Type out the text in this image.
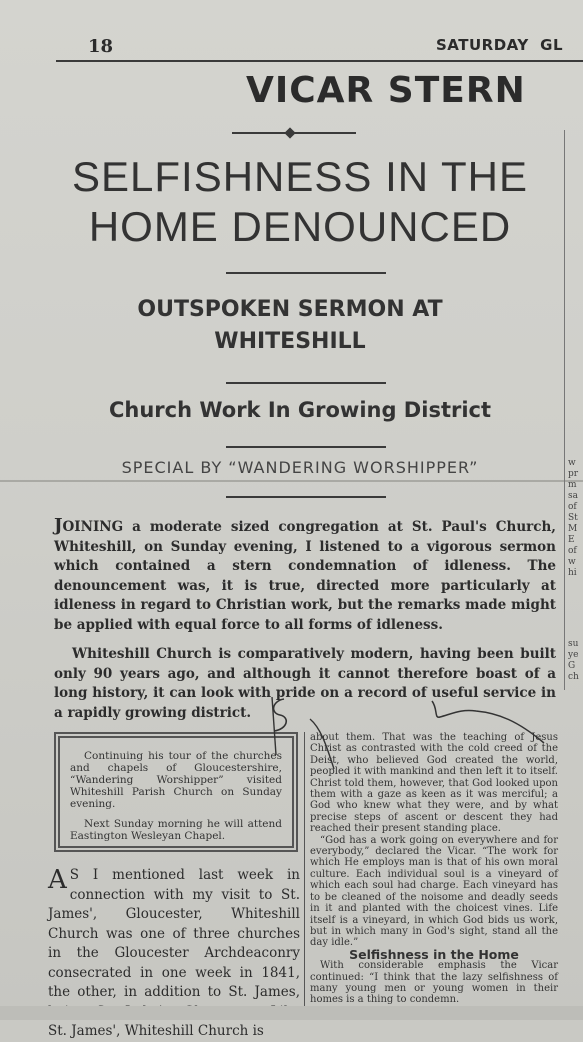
18	SATURDAY GL
VICAR STERN
SELFISHNESS IN THE
HOME DENOUNCED
OUTSPOKEN SERMON AT
WHITESHILL
Church Work In Growing District
SPECIAL BY “WANDERING WORSHIPPER”

JOINING a moderate sized congregation at St. Paul's Church, Whiteshill, on Sunday evening, I listened to a vigorous sermon which contained a stern condemnation of idleness. The denouncement was, it is true, directed more particularly at idleness in regard to Christian work, but the remarks made might be applied with equal force to all forms of idleness.

Whiteshill Church is comparatively modern, having been built only 90 years ago, and although it cannot therefore boast of a long history, it can look with pride on a record of useful service in a rapidly growing district.

Continuing his tour of the churches and chapels of Gloucestershire, “Wandering Worshipper” visited Whiteshill Parish Church on Sunday evening.

Next Sunday morning he will attend Eastington Wesleyan Chapel.

A S I mentioned last week in connection with my visit to St. James', Gloucester, Whiteshill Church was one of three churches in the Gloucester Archdeaconry consecrated in one week in 1841, the other, in addition to St. James, St. James', Whiteshill Church is

about them. That was the teaching of Jesus Christ as contrasted with the cold creed of the Deist, who believed God created the world, peopled it with mankind and then left it to itself. Christ told them, however, that God looked upon them with a gaze as keen as it was merciful; a God who knew what they were, and by what precise steps of ascent or descent they had reached their present standing place.

“God has a work going on everywhere and for everybody,” declared the Vicar. “The work for which He employs man is that of his own moral culture. Each individual soul is a vineyard of which each soul had charge. Each vineyard has to be cleaned of the noisome and deadly seeds in it and planted with the choicest vines. Life itself is a vineyard, in which God bids us work, but in which many in God's sight, stand all the day idle.”

Selfishness in the Home

With considerable emphasis the Vicar continued: “I think that the lazy selfishness of many young men or young women in their homes is a thing to condemn.

w
pr
m
sa
of
St
M
E
of
w
hi
su
ye
G
ch
